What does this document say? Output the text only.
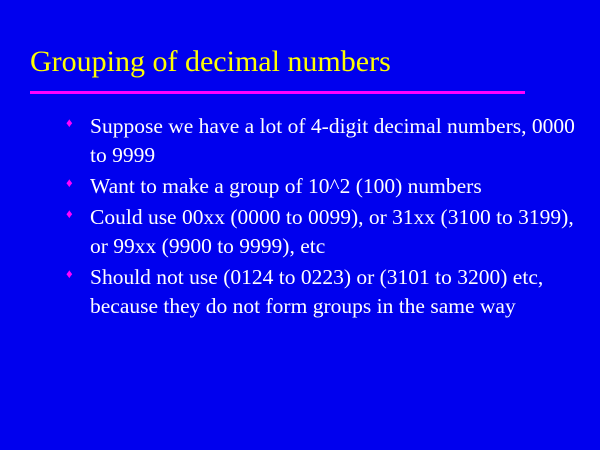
Grouping of decimal numbers
♦ Suppose we have a lot of 4-digit decimal numbers, 0000 to 9999
♦ Want to make a group of 10^2 (100) numbers
♦ Could use 00xx (0000 to 0099), or 31xx (3100 to 3199), or 99xx (9900 to 9999), etc
♦ Should not use (0124 to 0223) or (3101 to 3200) etc, because they do not form groups in the same way
